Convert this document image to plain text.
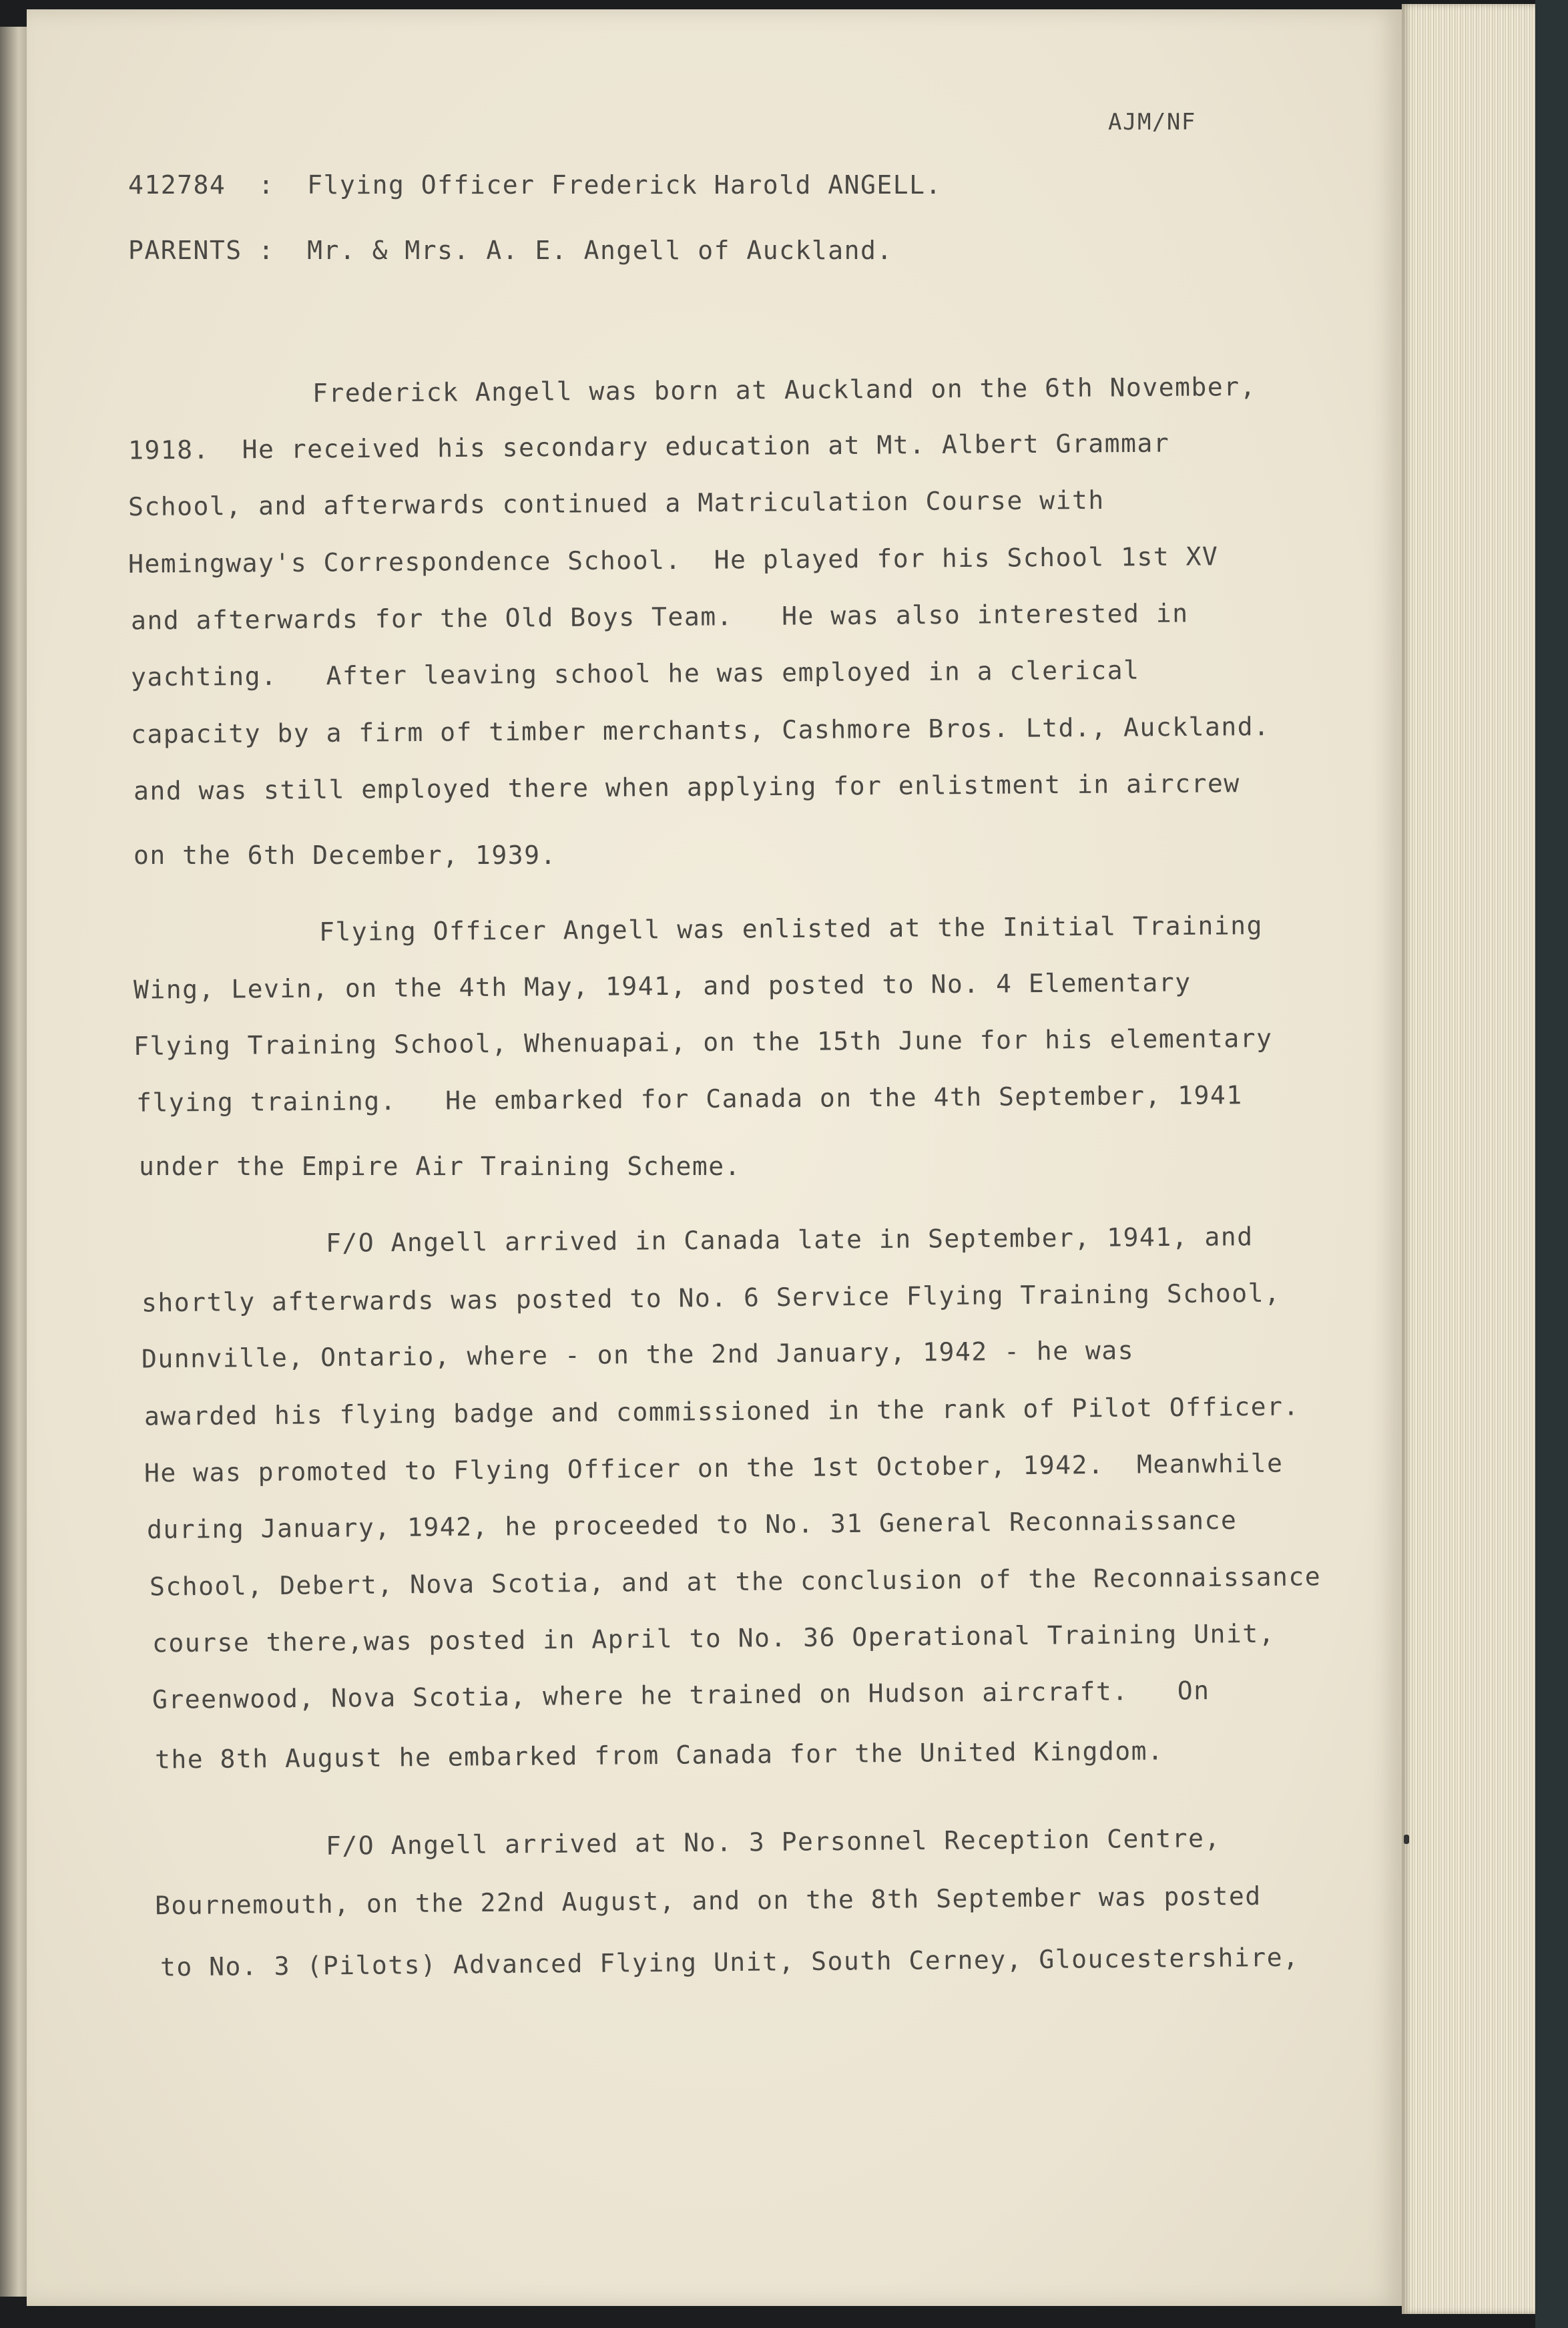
AJM/NF
412784  :  Flying Officer Frederick Harold ANGELL.
PARENTS :  Mr. & Mrs. A. E. Angell of Auckland.
Frederick Angell was born at Auckland on the 6th November,
1918.  He received his secondary education at Mt. Albert Grammar
School, and afterwards continued a Matriculation Course with
Hemingway's Correspondence School.  He played for his School 1st XV
and afterwards for the Old Boys Team.   He was also interested in
yachting.   After leaving school he was employed in a clerical
capacity by a firm of timber merchants, Cashmore Bros. Ltd., Auckland.
and was still employed there when applying for enlistment in aircrew
on the 6th December, 1939.
Flying Officer Angell was enlisted at the Initial Training
Wing, Levin, on the 4th May, 1941, and posted to No. 4 Elementary
Flying Training School, Whenuapai, on the 15th June for his elementary
flying training.   He embarked for Canada on the 4th September, 1941
under the Empire Air Training Scheme.
F/O Angell arrived in Canada late in September, 1941, and
shortly afterwards was posted to No. 6 Service Flying Training School,
Dunnville, Ontario, where - on the 2nd January, 1942 - he was
awarded his flying badge and commissioned in the rank of Pilot Officer.
He was promoted to Flying Officer on the 1st October, 1942.  Meanwhile
during January, 1942, he proceeded to No. 31 General Reconnaissance
School, Debert, Nova Scotia, and at the conclusion of the Reconnaissance
course there,was posted in April to No. 36 Operational Training Unit,
Greenwood, Nova Scotia, where he trained on Hudson aircraft.   On
the 8th August he embarked from Canada for the United Kingdom.
F/O Angell arrived at No. 3 Personnel Reception Centre,
Bournemouth, on the 22nd August, and on the 8th September was posted
to No. 3 (Pilots) Advanced Flying Unit, South Cerney, Gloucestershire,
